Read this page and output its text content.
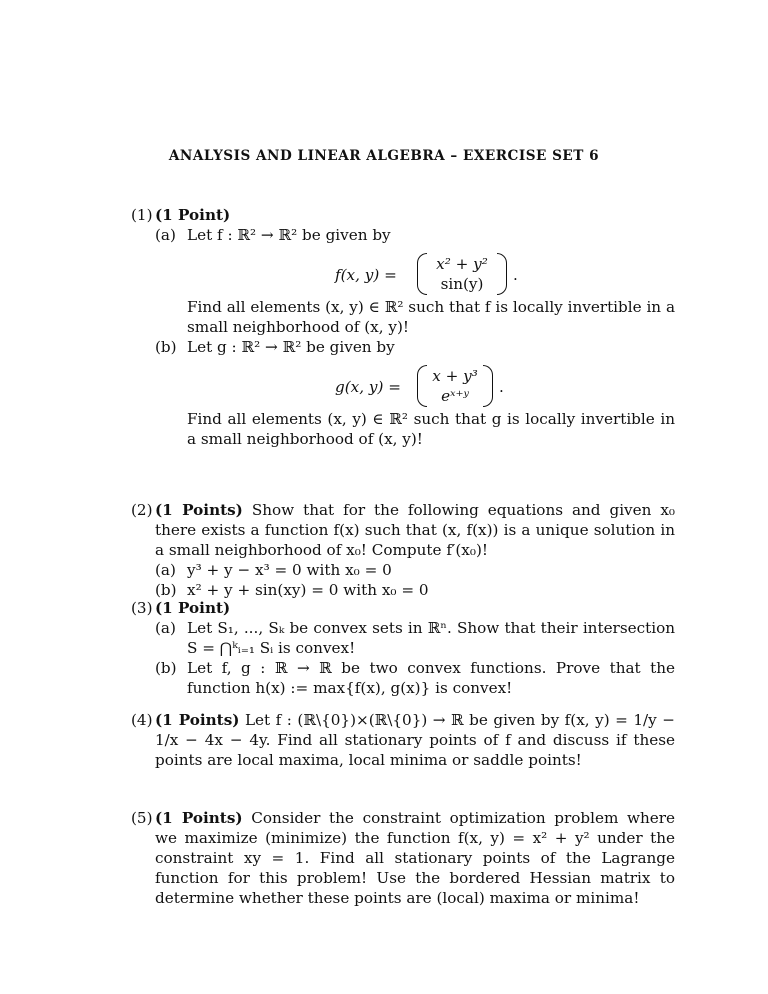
ANALYSIS AND LINEAR ALGEBRA – EXERCISE SET 6
(1) (1 Point)
(a) Let f : ℝ² → ℝ² be given by
f(x, y) =
x² + y²
sin(y)	.
Find all elements (x, y) ∈ ℝ² such that f is locally invertible in a small neighborhood of (x, y)!
(b) Let g : ℝ² → ℝ² be given by
g(x, y) =
x + y³
eˣ⁺ʸ	.
Find all elements (x, y) ∈ ℝ² such that g is locally invertible in a small neighborhood of (x, y)!
(2) (1 Points) Show that for the following equations and given x₀ there exists a function f(x) such that (x, f(x)) is a unique solution in a small neighborhood of x₀! Compute f′(x₀)!
(a) y³ + y − x³ = 0 with x₀ = 0
(b) x² + y + sin(xy) = 0 with x₀ = 0
(3) (1 Point)
(a) Let S₁, ..., Sₖ be convex sets in ℝⁿ. Show that their intersection S = ⋂ᵏᵢ₌₁ Sᵢ is convex!
(b) Let f, g : ℝ → ℝ be two convex functions. Prove that the function h(x) := max{f(x), g(x)} is convex!
(4) (1 Points) Let f : (ℝ\{0})×(ℝ\{0}) → ℝ be given by f(x, y) = 1/y − 1/x − 4x − 4y. Find all stationary points of f and discuss if these points are local maxima, local minima or saddle points!
(5) (1 Points) Consider the constraint optimization problem where we maximize (minimize) the function f(x, y) = x² + y² under the constraint xy = 1. Find all stationary points of the Lagrange function for this problem! Use the bordered Hessian matrix to determine whether these points are (local) maxima or minima!
